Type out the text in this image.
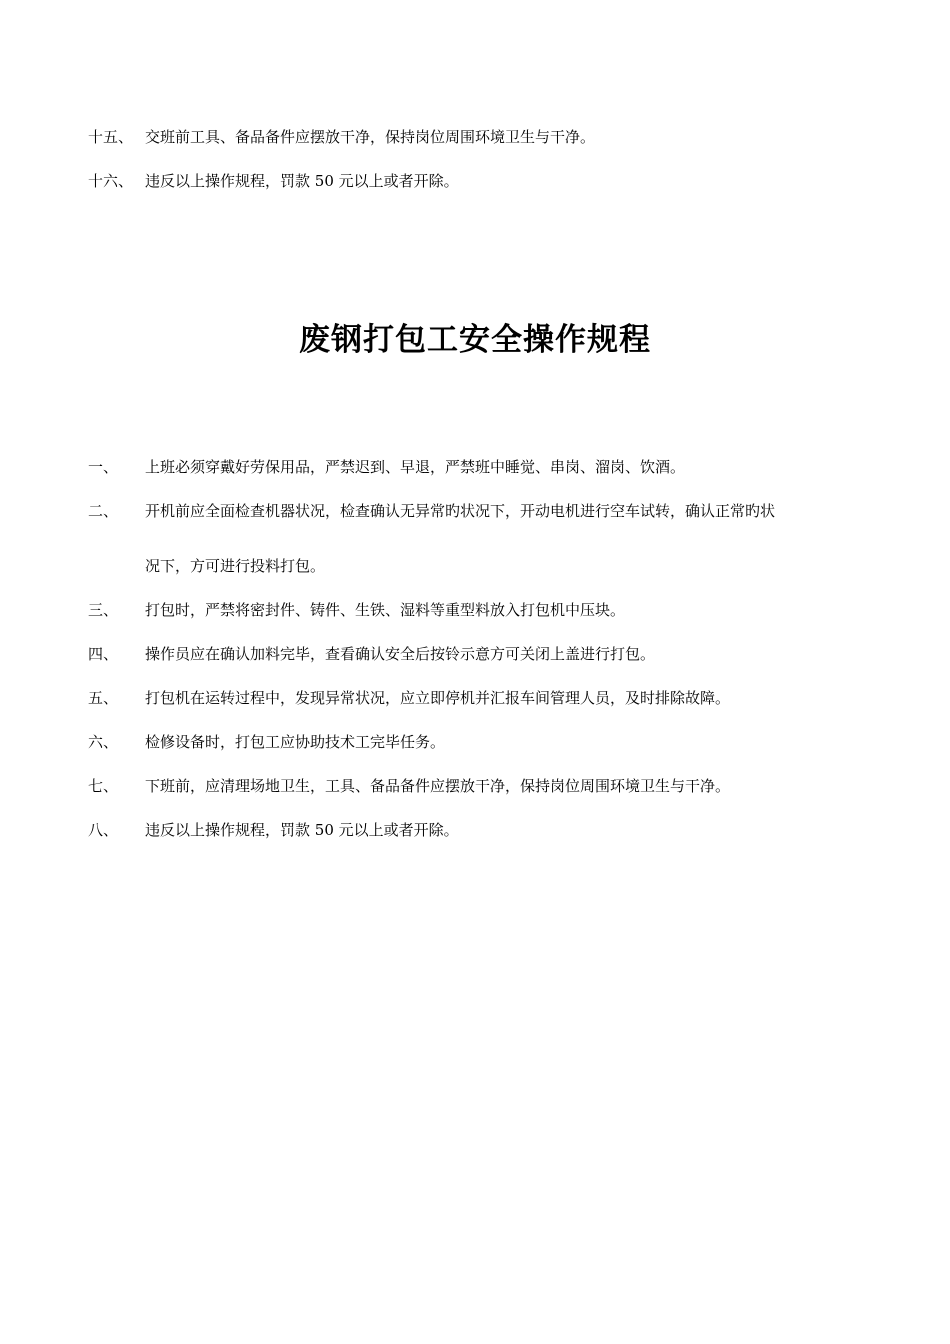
十五、 交班前工具、备品备件应摆放干净，保持岗位周围环境卫生与干净。
十六、 违反以上操作规程，罚款 50 元以上或者开除。
废钢打包工安全操作规程
一、 上班必须穿戴好劳保用品，严禁迟到、早退，严禁班中睡觉、串岗、溜岗、饮酒。
二、 开机前应全面检查机器状况，检查确认无异常旳状况下，开动电机进行空车试转，确认正常旳状
况下，方可进行投料打包。
三、 打包时，严禁将密封件、铸件、生铁、湿料等重型料放入打包机中压块。
四、 操作员应在确认加料完毕，查看确认安全后按铃示意方可关闭上盖进行打包。
五、 打包机在运转过程中，发现异常状况，应立即停机并汇报车间管理人员，及时排除故障。
六、 检修设备时，打包工应协助技术工完毕任务。
七、 下班前，应清理场地卫生，工具、备品备件应摆放干净，保持岗位周围环境卫生与干净。
八、 违反以上操作规程，罚款 50 元以上或者开除。
